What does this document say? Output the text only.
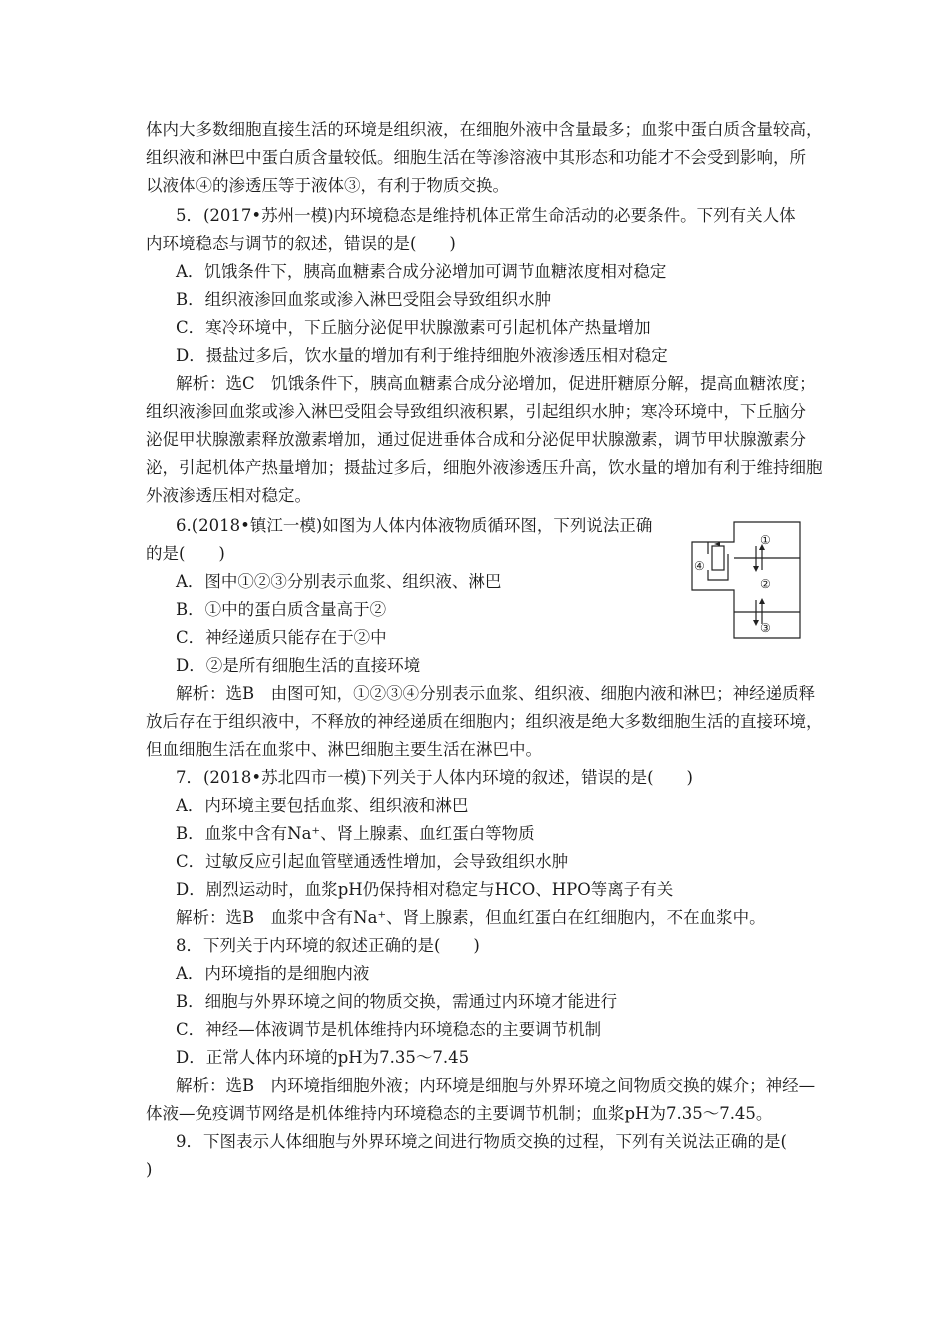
体内大多数细胞直接生活的环境是组织液，在细胞外液中含量最多；血浆中蛋白质含量较高，
组织液和淋巴中蛋白质含量较低。细胞生活在等渗溶液中其形态和功能才不会受到影响，所
以液体④的渗透压等于液体③，有利于物质交换。
5．(2017•苏州一模)内环境稳态是维持机体正常生命活动的必要条件。下列有关人体
内环境稳态与调节的叙述，错误的是(　　)
A．饥饿条件下，胰高血糖素合成分泌增加可调节血糖浓度相对稳定
B．组织液渗回血浆或渗入淋巴受阻会导致组织水肿
C．寒冷环境中，下丘脑分泌促甲状腺激素可引起机体产热量增加
D．摄盐过多后，饮水量的增加有利于维持细胞外液渗透压相对稳定
解析：选C　饥饿条件下，胰高血糖素合成分泌增加，促进肝糖原分解，提高血糖浓度；
组织液渗回血浆或渗入淋巴受阻会导致组织液积累，引起组织水肿；寒冷环境中，下丘脑分
泌促甲状腺激素释放激素增加，通过促进垂体合成和分泌促甲状腺激素，调节甲状腺激素分
泌，引起机体产热量增加；摄盐过多后，细胞外液渗透压升高，饮水量的增加有利于维持细胞
外液渗透压相对稳定。
6.(2018•镇江一模)如图为人体内体液物质循环图，下列说法正确
的是(　　)
A．图中①②③分别表示血浆、组织液、淋巴
B．①中的蛋白质含量高于②
C．神经递质只能存在于②中
D．②是所有细胞生活的直接环境
解析：选B　由图可知，①②③④分别表示血浆、组织液、细胞内液和淋巴；神经递质释
放后存在于组织液中，不释放的神经递质在细胞内；组织液是绝大多数细胞生活的直接环境，
但血细胞生活在血浆中、淋巴细胞主要生活在淋巴中。
7．(2018•苏北四市一模)下列关于人体内环境的叙述，错误的是(　　)
A．内环境主要包括血浆、组织液和淋巴
B．血浆中含有Na⁺、肾上腺素、血红蛋白等物质
C．过敏反应引起血管壁通透性增加，会导致组织水肿
D．剧烈运动时，血浆pH仍保持相对稳定与HCO、HPO等离子有关
解析：选B　血浆中含有Na⁺、肾上腺素，但血红蛋白在红细胞内，不在血浆中。
8．下列关于内环境的叙述正确的是(　　)
A．内环境指的是细胞内液
B．细胞与外界环境之间的物质交换，需通过内环境才能进行
C．神经—体液调节是机体维持内环境稳态的主要调节机制
D．正常人体内环境的pH为7.35～7.45
解析：选B　内环境指细胞外液；内环境是细胞与外界环境之间物质交换的媒介；神经—
体液—免疫调节网络是机体维持内环境稳态的主要调节机制；血浆pH为7.35～7.45。
9．下图表示人体细胞与外界环境之间进行物质交换的过程，下列有关说法正确的是(
)
①
②
③
④
